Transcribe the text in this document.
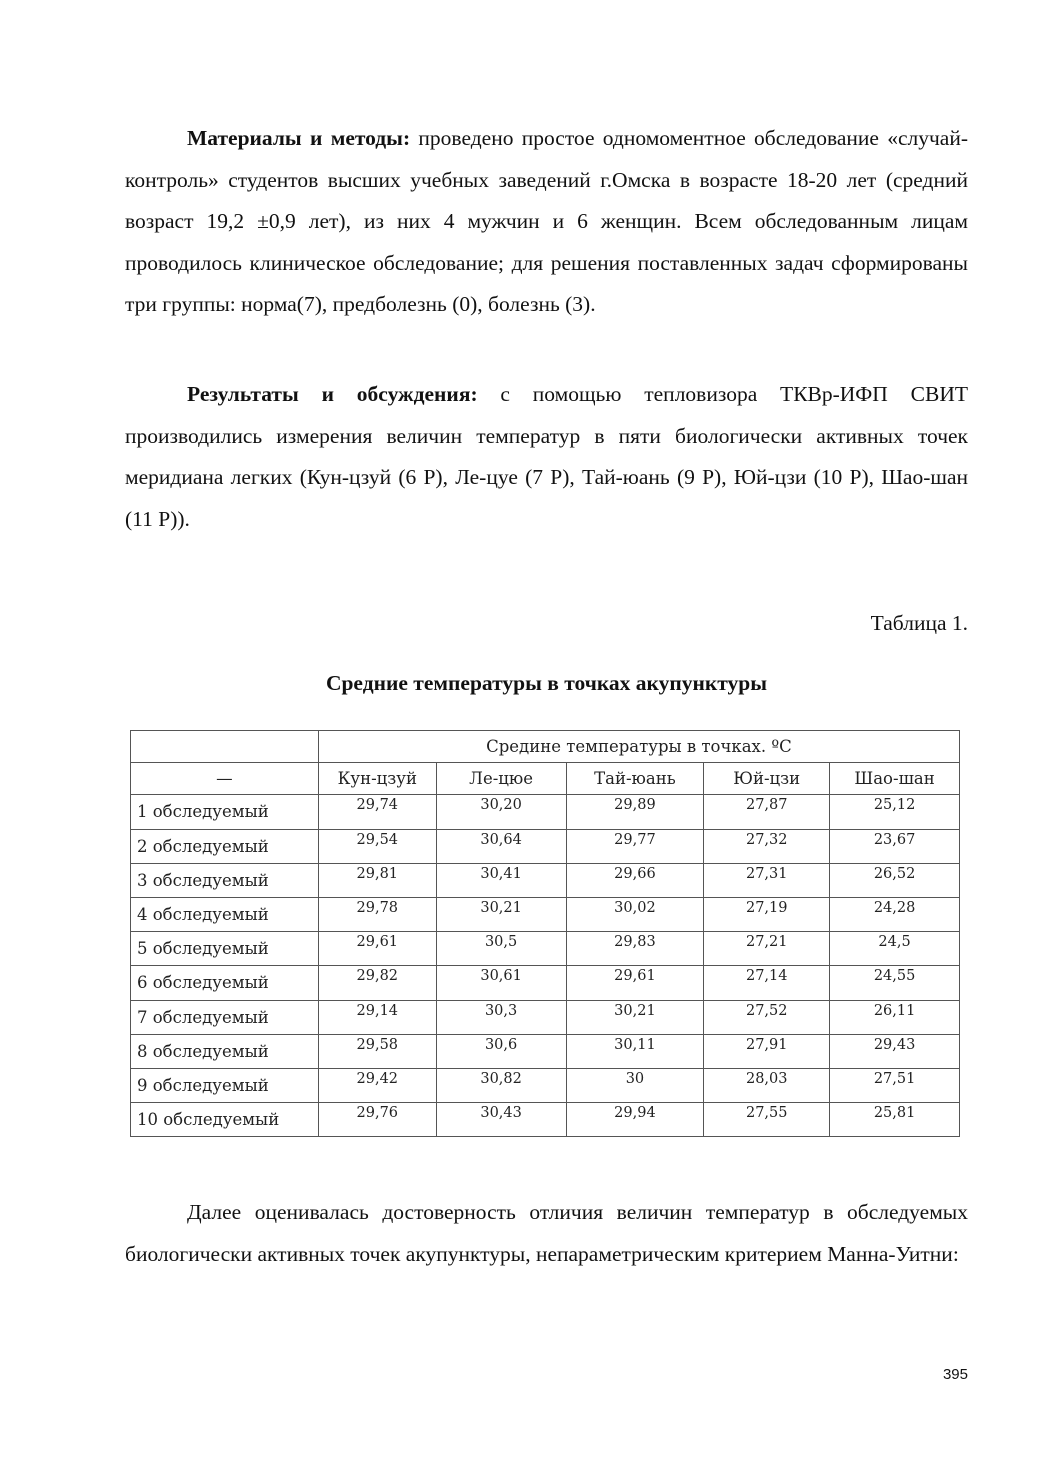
Материалы и методы: проведено простое одномоментное обследование «случай-контроль» студентов высших учебных заведений г.Омска в возрасте 18-20 лет (средний возраст 19,2 ±0,9 лет), из них 4 мужчин и 6 женщин. Всем обследованным лицам проводилось клиническое обследование; для решения поставленных задач сформированы три группы: норма(7), предболезнь (0), болезнь (3).

Результаты и обсуждения: с помощью тепловизора ТКВр-ИФП СВИТ производились измерения величин температур в пяти биологически активных точек меридиана легких (Кун-цзуй (6 P), Ле-цуе (7 P), Тай-юань (9 P), Юй-цзи (10 P), Шао-шан (11 P)).

Таблица 1.
Средние температуры в точках акупунктуры
	Средине температуры в точках. ºС				
—	Кун-цзуй	Ле-цюе	Тай-юань	Юй-цзи	Шао-шан
1 обследуемый	29,74	30,20	29,89	27,87	25,12
2 обследуемый	29,54	30,64	29,77	27,32	23,67
3 обследуемый	29,81	30,41	29,66	27,31	26,52
4 обследуемый	29,78	30,21	30,02	27,19	24,28
5 обследуемый	29,61	30,5	29,83	27,21	24,5
6 обследуемый	29,82	30,61	29,61	27,14	24,55
7 обследуемый	29,14	30,3	30,21	27,52	26,11
8 обследуемый	29,58	30,6	30,11	27,91	29,43
9 обследуемый	29,42	30,82	30	28,03	27,51
10 обследуемый	29,76	30,43	29,94	27,55	25,81

Далее оценивалась достоверность отличия величин температур в обследуемых биологически активных точек акупунктуры, непараметрическим критерием Манна-Уитни:

395
